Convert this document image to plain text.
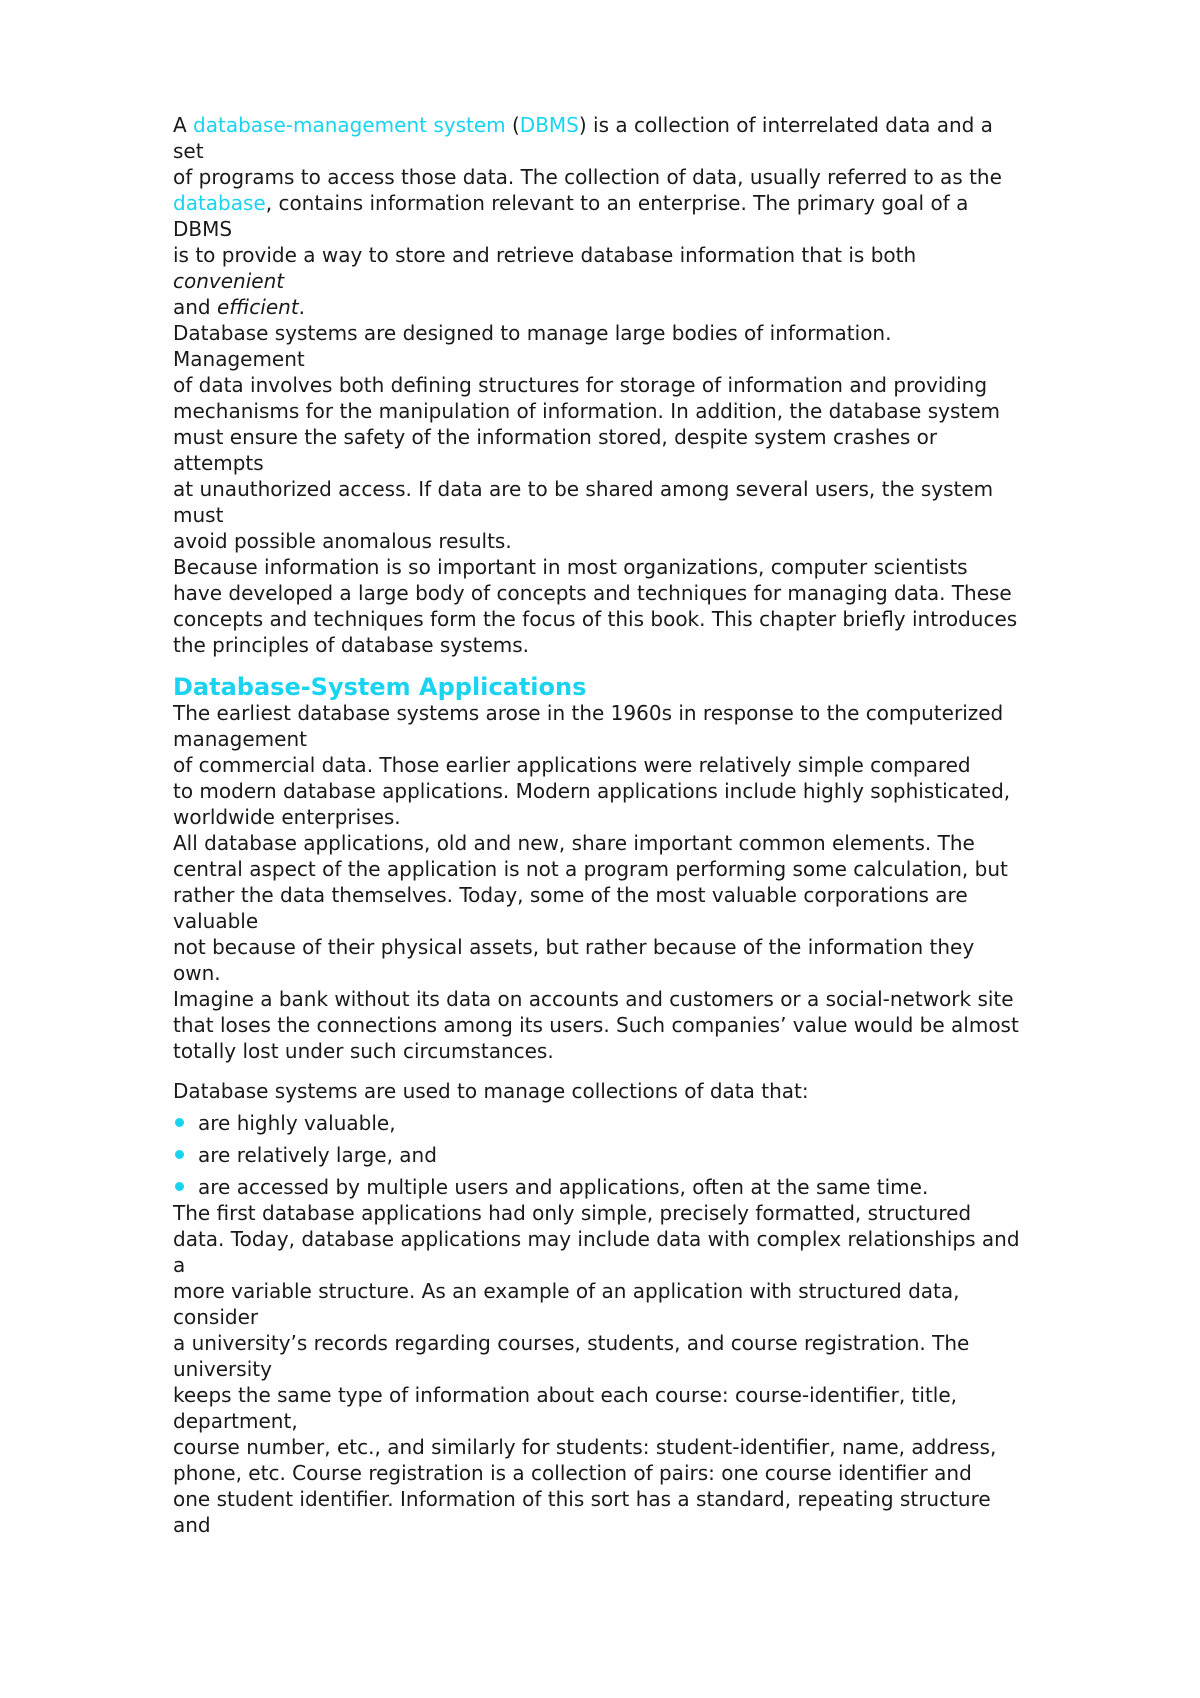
A database-management system (DBMS) is a collection of interrelated data and a
set
of programs to access those data. The collection of data, usually referred to as the
database, contains information relevant to an enterprise. The primary goal of a
DBMS
is to provide a way to store and retrieve database information that is both
convenient
and efficient.
Database systems are designed to manage large bodies of information.
Management
of data involves both defining structures for storage of information and providing
mechanisms for the manipulation of information. In addition, the database system
must ensure the safety of the information stored, despite system crashes or
attempts
at unauthorized access. If data are to be shared among several users, the system
must
avoid possible anomalous results.
Because information is so important in most organizations, computer scientists
have developed a large body of concepts and techniques for managing data. These
concepts and techniques form the focus of this book. This chapter briefly introduces
the principles of database systems.
Database-System Applications
The earliest database systems arose in the 1960s in response to the computerized
management
of commercial data. Those earlier applications were relatively simple compared
to modern database applications. Modern applications include highly sophisticated,
worldwide enterprises.
All database applications, old and new, share important common elements. The
central aspect of the application is not a program performing some calculation, but
rather the data themselves. Today, some of the most valuable corporations are
valuable
not because of their physical assets, but rather because of the information they
own.
Imagine a bank without its data on accounts and customers or a social-network site
that loses the connections among its users. Such companies’ value would be almost
totally lost under such circumstances.
Database systems are used to manage collections of data that:
are highly valuable,
are relatively large, and
are accessed by multiple users and applications, often at the same time.
The first database applications had only simple, precisely formatted, structured
data. Today, database applications may include data with complex relationships and
a
more variable structure. As an example of an application with structured data,
consider
a university’s records regarding courses, students, and course registration. The
university
keeps the same type of information about each course: course-identifier, title,
department,
course number, etc., and similarly for students: student-identifier, name, address,
phone, etc. Course registration is a collection of pairs: one course identifier and
one student identifier. Information of this sort has a standard, repeating structure
and
